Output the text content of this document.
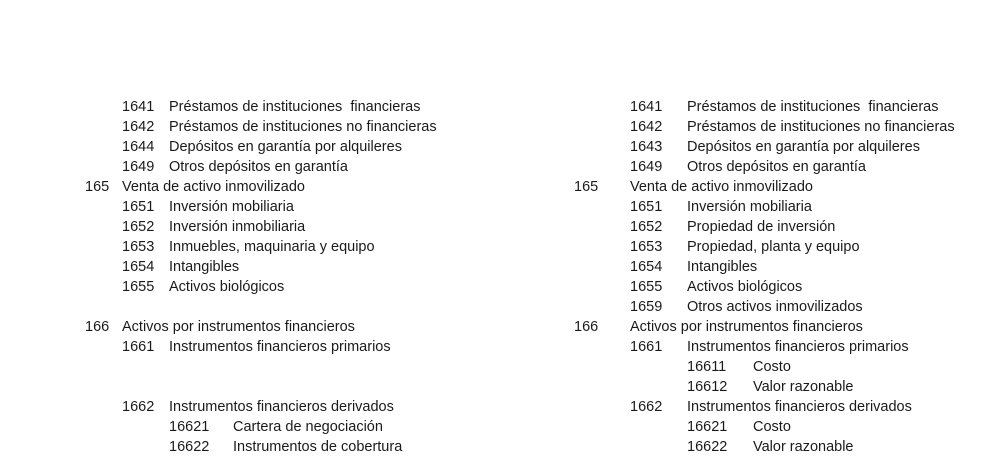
1641 Préstamos de instituciones  financieras
1642 Préstamos de instituciones no financieras
1644 Depósitos en garantía por alquileres
1649 Otros depósitos en garantía
165 Venta de activo inmovilizado
1651 Inversión mobiliaria
1652 Inversión inmobiliaria
1653 Inmuebles, maquinaria y equipo
1654 Intangibles
1655 Activos biológicos
166 Activos por instrumentos financieros
1661 Instrumentos financieros primarios
1662 Instrumentos financieros derivados
16621 Cartera de negociación
16622 Instrumentos de cobertura
1641 Préstamos de instituciones  financieras
1642 Préstamos de instituciones no financieras
1643 Depósitos en garantía por alquileres
1649 Otros depósitos en garantía
165 Venta de activo inmovilizado
1651 Inversión mobiliaria
1652 Propiedad de inversión
1653 Propiedad, planta y equipo
1654 Intangibles
1655 Activos biológicos
1659 Otros activos inmovilizados
166 Activos por instrumentos financieros
1661 Instrumentos financieros primarios
16611 Costo
16612 Valor razonable
1662 Instrumentos financieros derivados
16621 Costo
16622 Valor razonable
